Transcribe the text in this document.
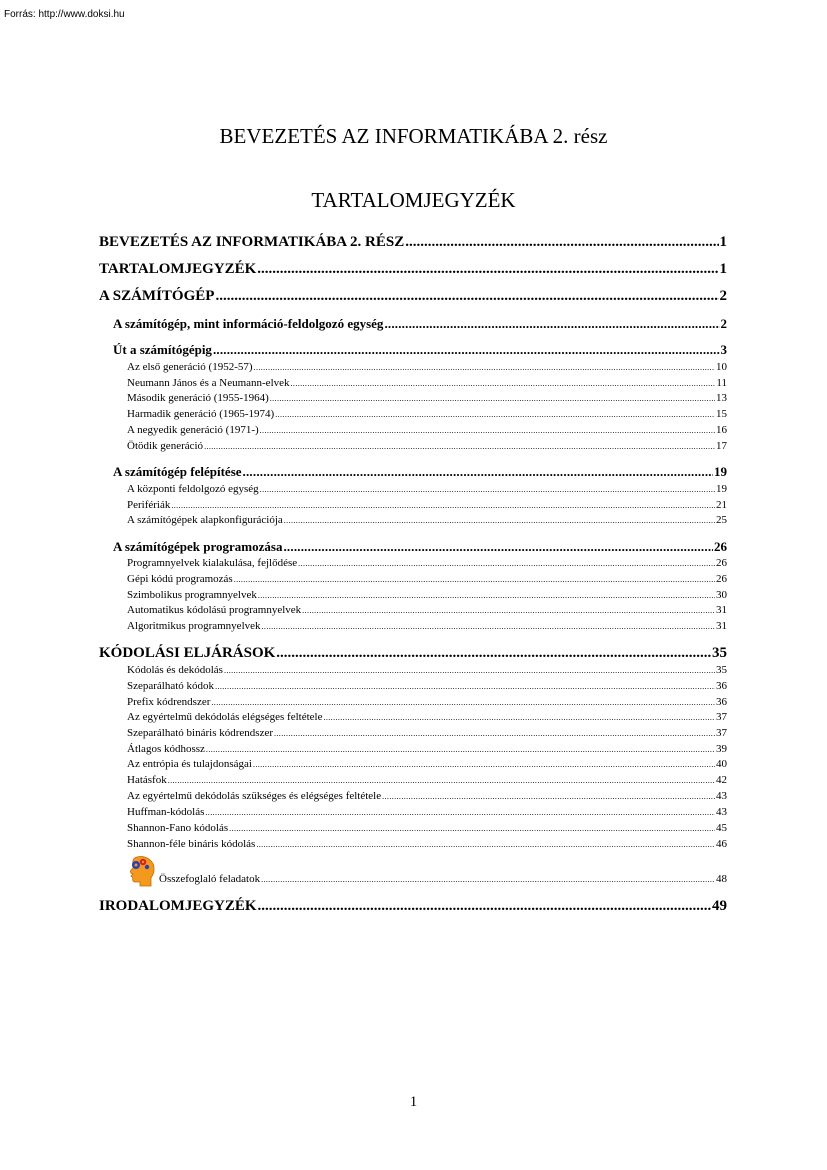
Forrás: http://www.doksi.hu
BEVEZETÉS AZ INFORMATIKÁBA 2. rész
TARTALOMJEGYZÉK
BEVEZETÉS AZ INFORMATIKÁBA 2. RÉSZ .....	1
TARTALOMJEGYZÉK .....	1
A SZÁMÍTÓGÉP .....	2
A számítógép, mint információ-feldolgozó egység .....	2
Út a számítógépig .....	3
Az első generáció (1952-57) .....	10
Neumann János és a Neumann-elvek .....	11
Második generáció (1955-1964) .....	13
Harmadik generáció (1965-1974) .....	15
A negyedik generáció (1971-) .....	16
Ötödik generáció .....	17
A számítógép felépítése .....	19
A központi feldolgozó egység .....	19
Perifériák .....	21
A számítógépek alapkonfigurációja .....	25
A számítógépek programozása .....	26
Programnyelvek kialakulása, fejlődése .....	26
Gépi kódú programozás .....	26
Szimbolikus programnyelvek .....	30
Automatikus kódolású programnyelvek .....	31
Algoritmikus programnyelvek .....	31
KÓDOLÁSI ELJÁRÁSOK .....	35
Kódolás és dekódolás .....	35
Szeparálható kódok .....	36
Prefix kódrendszer .....	36
Az egyértelmű dekódolás elégséges feltétele .....	37
Szeparálható bináris kódrendszer .....	37
Átlagos kódhossz .....	39
Az entrópia és tulajdonságai .....	40
Hatásfok .....	42
Az egyértelmű dekódolás szükséges és elégséges feltétele .....	43
Huffman-kódolás .....	43
Shannon-Fano kódolás .....	45
Shannon-féle bináris kódolás .....	46
Összefoglaló feladatok .....	48
IRODALOMJEGYZÉK .....	49
1
